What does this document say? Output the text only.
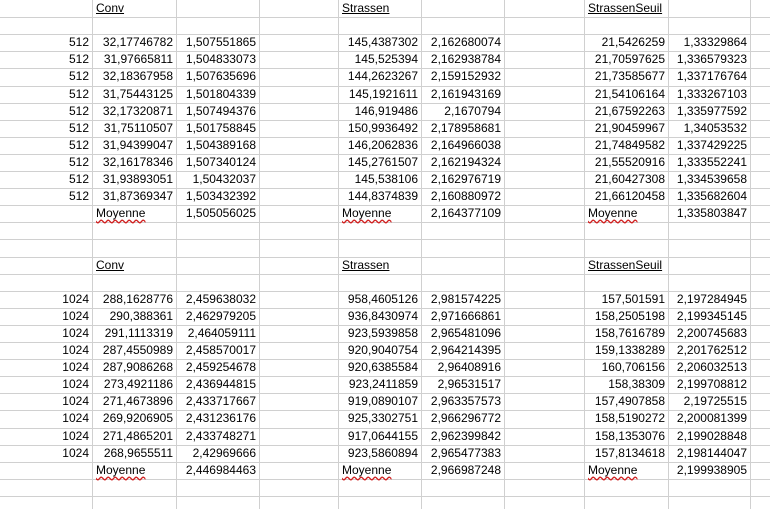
Conv	Strassen	StrassenSeuil
512	32,17746782	1,507551865	145,4387302	2,162680074	21,5426259	1,33329864
512	31,97665811	1,504833073	145,525394	2,162938784	21,70597625 1,336579323
512	32,18367958	1,507635696	144,2623267	2,159152932	21,73585677 1,337176764
512	31,75443125	1,501804339	145,1921611	2,161943169	21,54106164 1,333267103
512	32,17320871	1,507494376	146,919486	2,1670794	21,67592263 1,335977592
512	31,75110507	1,501758845	150,9936492	2,178958681	21,90459967	1,34053532
512	31,94399047	1,504389168	146,2062836	2,164966038	21,74849582 1,337429225
512	32,16178346	1,507340124	145,2761507	2,162194324	21,55520916 1,333552241
512	31,93893051	1,50432037	145,538106	2,162976719	21,60427308 1,334539658
512	31,87369347	1,503432392	144,8374839	2,160880972	21,66120458 1,335682604
Moyenne	1,505056025	Moyenne	2,164377109	Moyenne	1,335803847
Conv	Strassen	StrassenSeuil
1024	288,1628776	2,459638032	958,4605126	2,981574225	157,501591 2,197284945
1024	290,388361	2,462979205	936,8430974	2,971666861	158,2505198 2,199345145
1024	291,1113319	2,464059111	923,5939858	2,965481096	158,7616789 2,200745683
1024	287,4550989	2,458570017	920,9040754	2,964214395	159,1338289 2,201762512
1024	287,9086268	2,459254678	920,6385584	2,96408916	160,706156 2,206032513
1024	273,4921186	2,436944815	923,2411859	2,96531517	158,38309 2,199708812
1024	271,4673896	2,433717667	919,0890107	2,963357573	157,4907858	2,19725515
1024	269,9206905	2,431236176	925,3302751	2,966296772	158,5190272 2,200081399
1024	271,4865201	2,433748271	917,0644155	2,962399842	158,1353076 2,199028848
1024	268,9655511	2,42969666	923,5860894	2,965477383	157,8134618 2,198144047
Moyenne	2,446984463	Moyenne	2,966987248	Moyenne	2,199938905
